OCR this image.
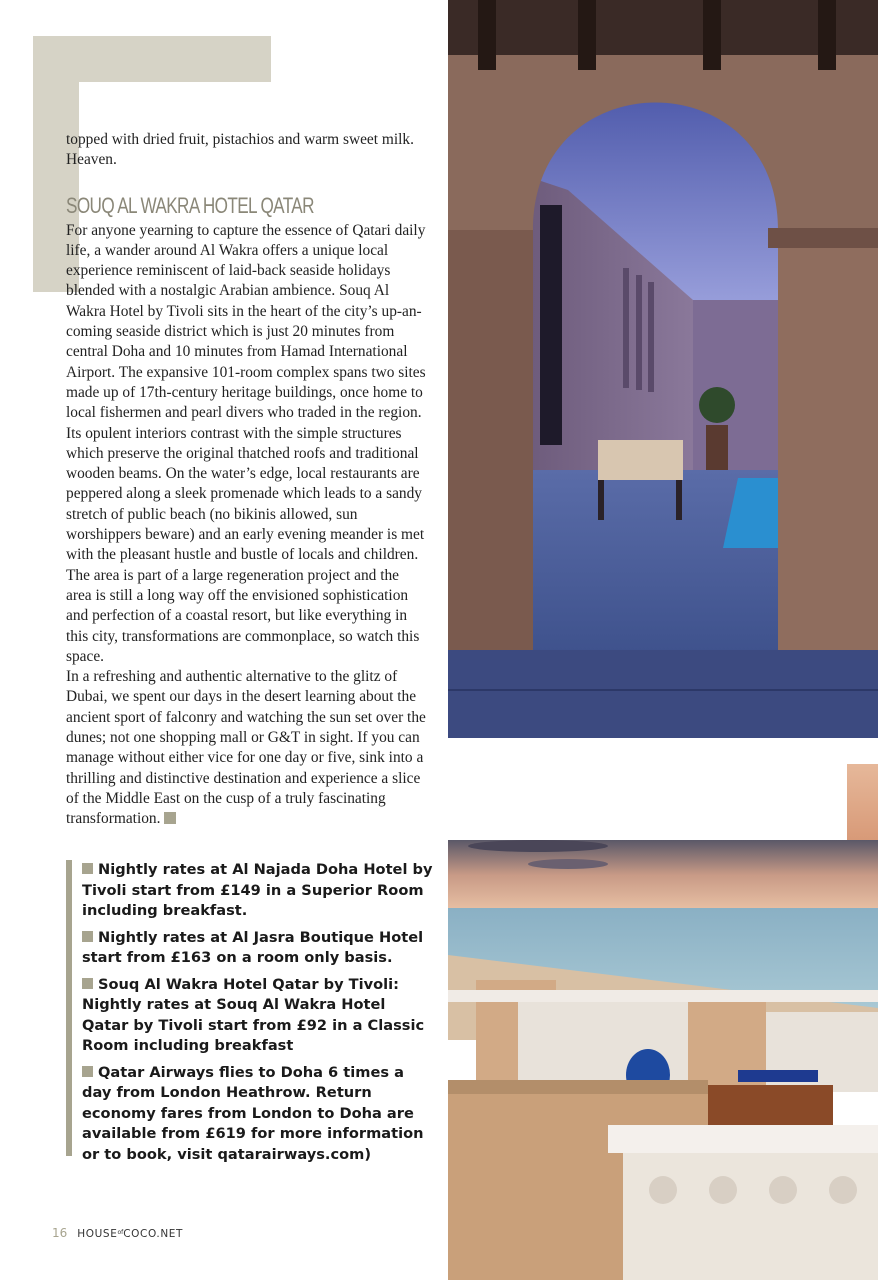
topped with dried fruit, pistachios and warm sweet milk. Heaven.

SOUQ AL WAKRA HOTEL QATAR

For anyone yearning to capture the essence of Qatari daily life, a wander around Al Wakra offers a unique local experience reminiscent of laid-back seaside holidays blended with a nostalgic Arabian ambience. Souq Al Wakra Hotel by Tivoli sits in the heart of the city’s up-an-coming seaside district which is just 20 minutes from central Doha and 10 minutes from Hamad International Airport. The expansive 101-room complex spans two sites made up of 17th-century heritage buildings, once home to local fishermen and pearl divers who traded in the region. Its opulent interiors contrast with the simple structures which preserve the original thatched roofs and traditional wooden beams. On the water’s edge, local restaurants are peppered along a sleek promenade which leads to a sandy stretch of public beach (no bikinis allowed, sun worshippers beware) and an early evening meander is met with the pleasant hustle and bustle of locals and children. The area is part of a large regeneration project and the area is still a long way off the envisioned sophistication and perfection of a coastal resort, but like everything in this city, transformations are commonplace, so watch this space.

In a refreshing and authentic alternative to the glitz of Dubai, we spent our days in the desert learning about the ancient sport of falconry and watching the sun set over the dunes; not one shopping mall or G&T in sight. If you can manage without either vice for one day or five, sink into a thrilling and distinctive destination and experience a slice of the Middle East on the cusp of a truly fascinating transformation.

Nightly rates at Al Najada Doha Hotel by Tivoli start from £149 in a Superior Room including breakfast.
Nightly rates at Al Jasra Boutique Hotel start from £163 on a room only basis.
Souq Al Wakra Hotel Qatar by Tivoli: Nightly rates at Souq Al Wakra Hotel Qatar by Tivoli start from £92 in a Classic Room including breakfast
Qatar Airways flies to Doha 6 times a day from London Heathrow. Return economy fares from London to Doha are available from £619 for more information or to book, visit qatarairways.com)
16 $HOUSE^{of}COCO.NET$
